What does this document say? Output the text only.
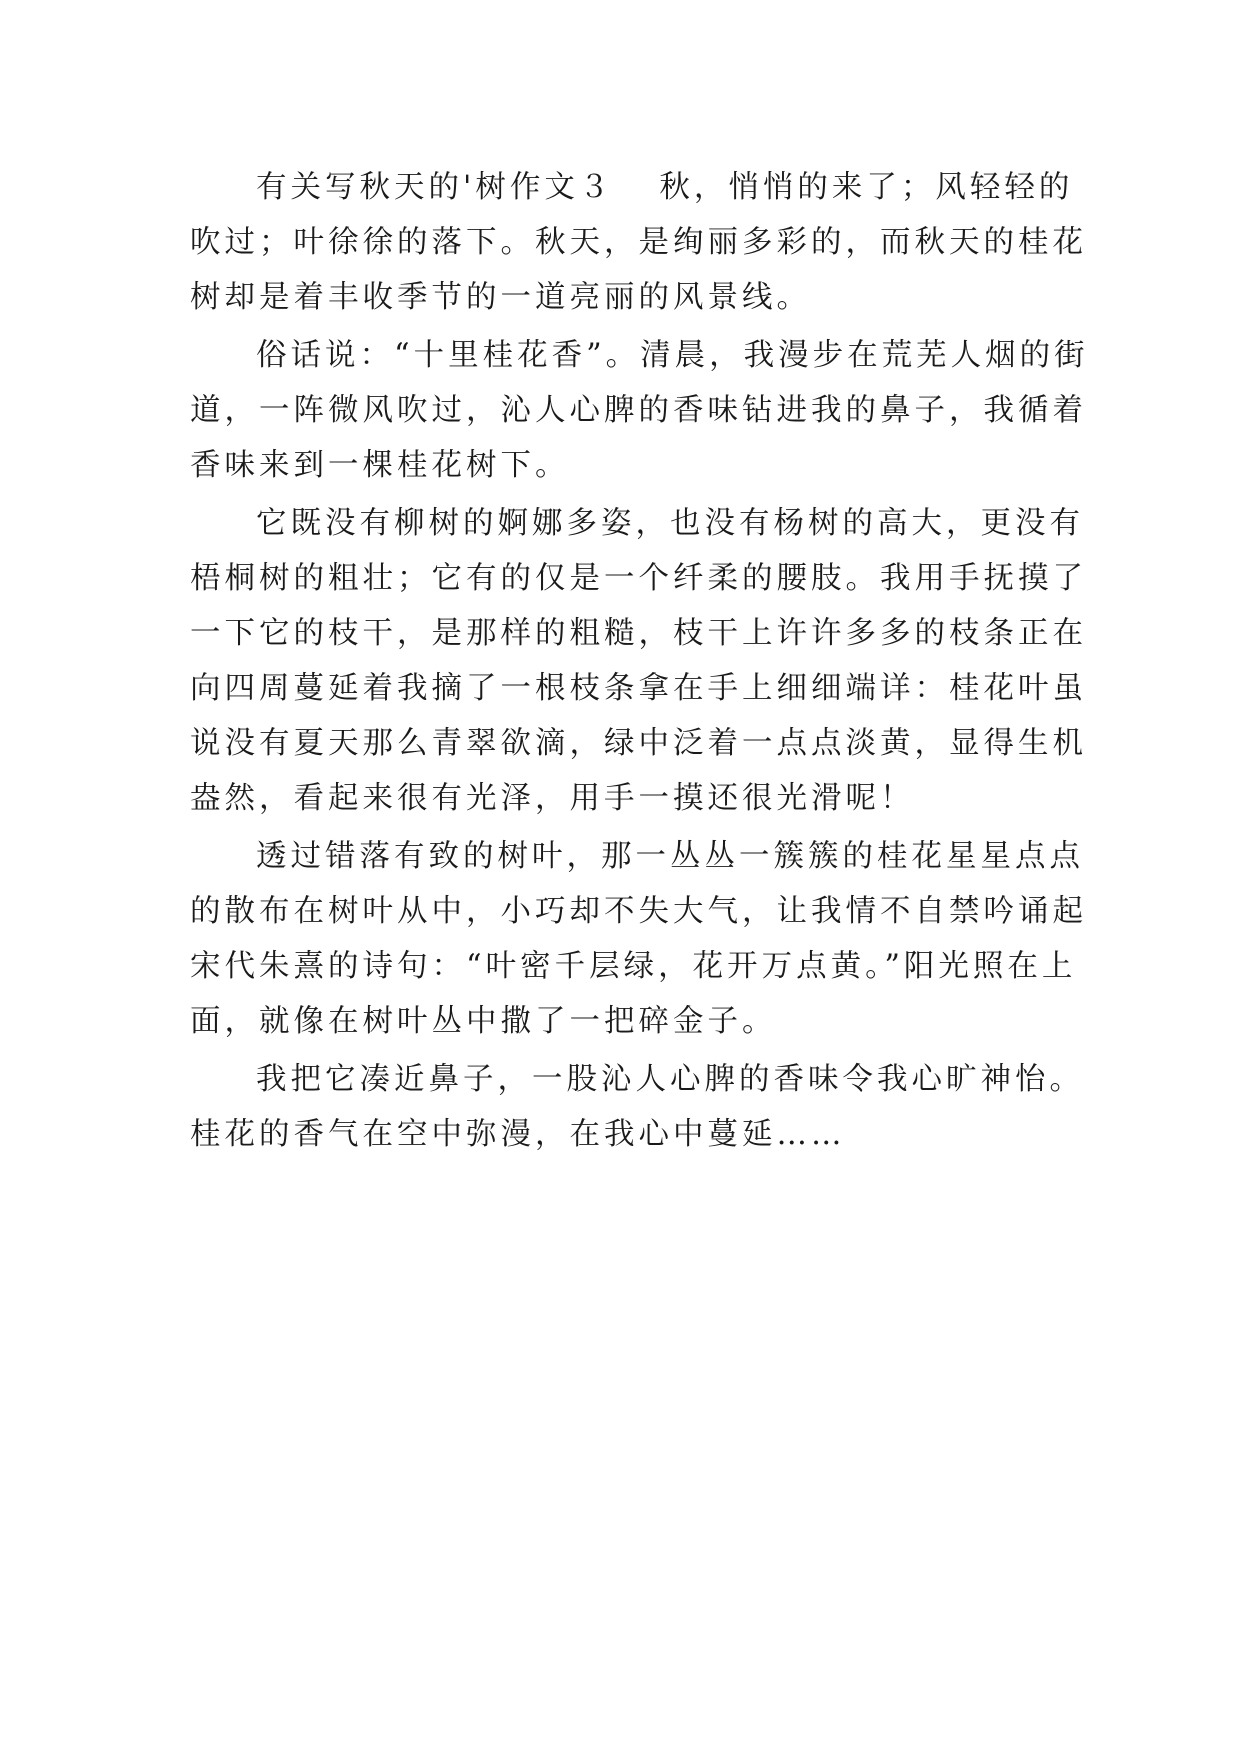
有关写秋天的'树作文３ 秋，悄悄的来了；风轻轻的
吹过；叶徐徐的落下。秋天，是绚丽多彩的，而秋天的桂花
树却是着丰收季节的一道亮丽的风景线。
俗话说：“十里桂花香”。清晨，我漫步在荒芜人烟的街
道，一阵微风吹过，沁人心脾的香味钻进我的鼻子，我循着
香味来到一棵桂花树下。
它既没有柳树的婀娜多姿，也没有杨树的高大，更没有
梧桐树的粗壮；它有的仅是一个纤柔的腰肢。我用手抚摸了
一下它的枝干，是那样的粗糙，枝干上许许多多的枝条正在
向四周蔓延着我摘了一根枝条拿在手上细细端详：桂花叶虽
说没有夏天那么青翠欲滴，绿中泛着一点点淡黄，显得生机
盎然，看起来很有光泽，用手一摸还很光滑呢！
透过错落有致的树叶，那一丛丛一簇簇的桂花星星点点
的散布在树叶从中，小巧却不失大气，让我情不自禁吟诵起
宋代朱熹的诗句：“叶密千层绿，花开万点黄。”阳光照在上
面，就像在树叶丛中撒了一把碎金子。
我把它凑近鼻子，一股沁人心脾的香味令我心旷神怡。
桂花的香气在空中弥漫，在我心中蔓延……
